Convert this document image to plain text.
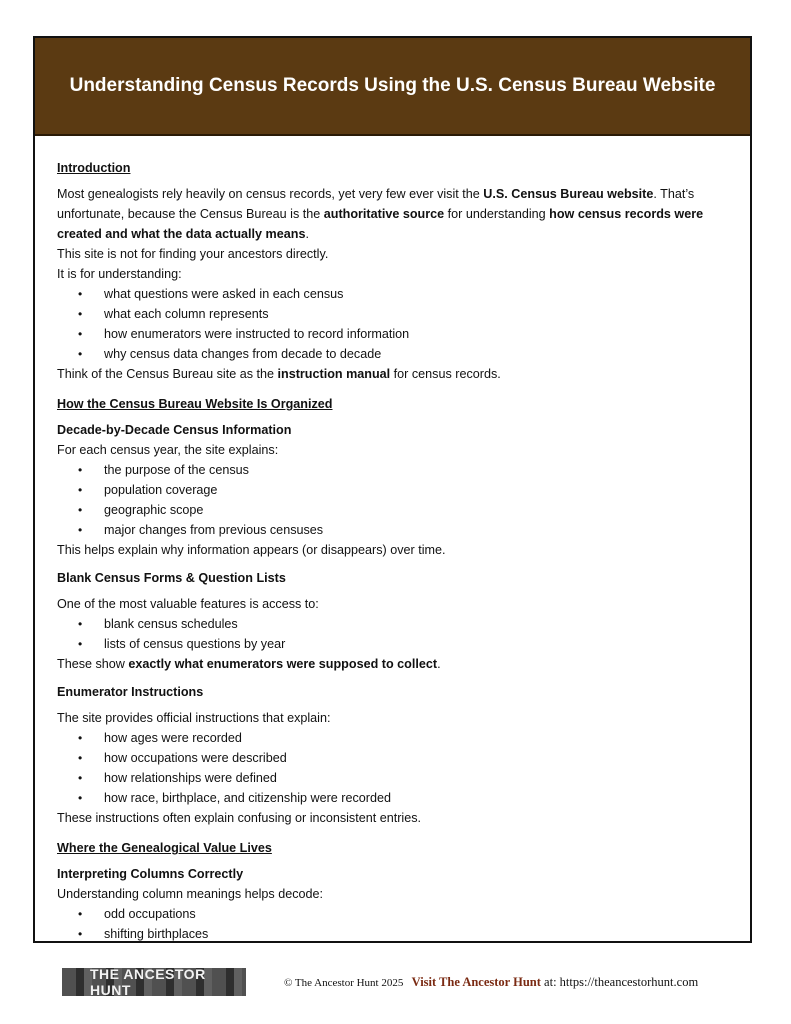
Understanding Census Records Using the U.S. Census Bureau Website

Introduction

Most genealogists rely heavily on census records, yet very few ever visit the U.S. Census Bureau website. That’s unfortunate, because the Census Bureau is the authoritative source for understanding how census records were created and what the data actually means.

This site is not for finding your ancestors directly.

It is for understanding:

• what questions were asked in each census
• what each column represents
• how enumerators were instructed to record information
• why census data changes from decade to decade

Think of the Census Bureau site as the instruction manual for census records.

How the Census Bureau Website Is Organized

Decade-by-Decade Census Information

For each census year, the site explains:

• the purpose of the census
• population coverage
• geographic scope
• major changes from previous censuses

This helps explain why information appears (or disappears) over time.

Blank Census Forms & Question Lists

One of the most valuable features is access to:

• blank census schedules
• lists of census questions by year

These show exactly what enumerators were supposed to collect.

Enumerator Instructions

The site provides official instructions that explain:

• how ages were recorded
• how occupations were described
• how relationships were defined
• how race, birthplace, and citizenship were recorded

These instructions often explain confusing or inconsistent entries.

Where the Genealogical Value Lives

Interpreting Columns Correctly

Understanding column meanings helps decode:

• odd occupations
• shifting birthplaces
THE ANCESTOR HUNT	© The Ancestor Hunt 2025 Visit The Ancestor Hunt at: https://theancestorhunt.com
